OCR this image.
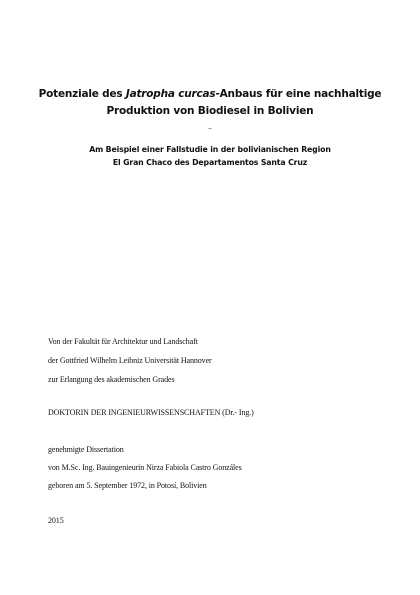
Potenziale des Jatropha curcas-Anbaus für eine nachhaltige
Produktion von Biodiesel in Bolivien
_
Am Beispiel einer Fallstudie in der bolivianischen Region
El Gran Chaco des Departamentos Santa Cruz
Von der Fakultät für Architektur und Landschaft
der Gottfried Wilhelm Leibniz Universität Hannover
zur Erlangung des akademischen Grades
DOKTORIN DER INGENIEURWISSENSCHAFTEN (Dr.- Ing.)
genehmigte Dissertation
von M.Sc. Ing. Bauingenieurin Nirza Fabiola Castro Gonzáles
geboren am 5. September 1972, in Potosí, Bolivien
2015
